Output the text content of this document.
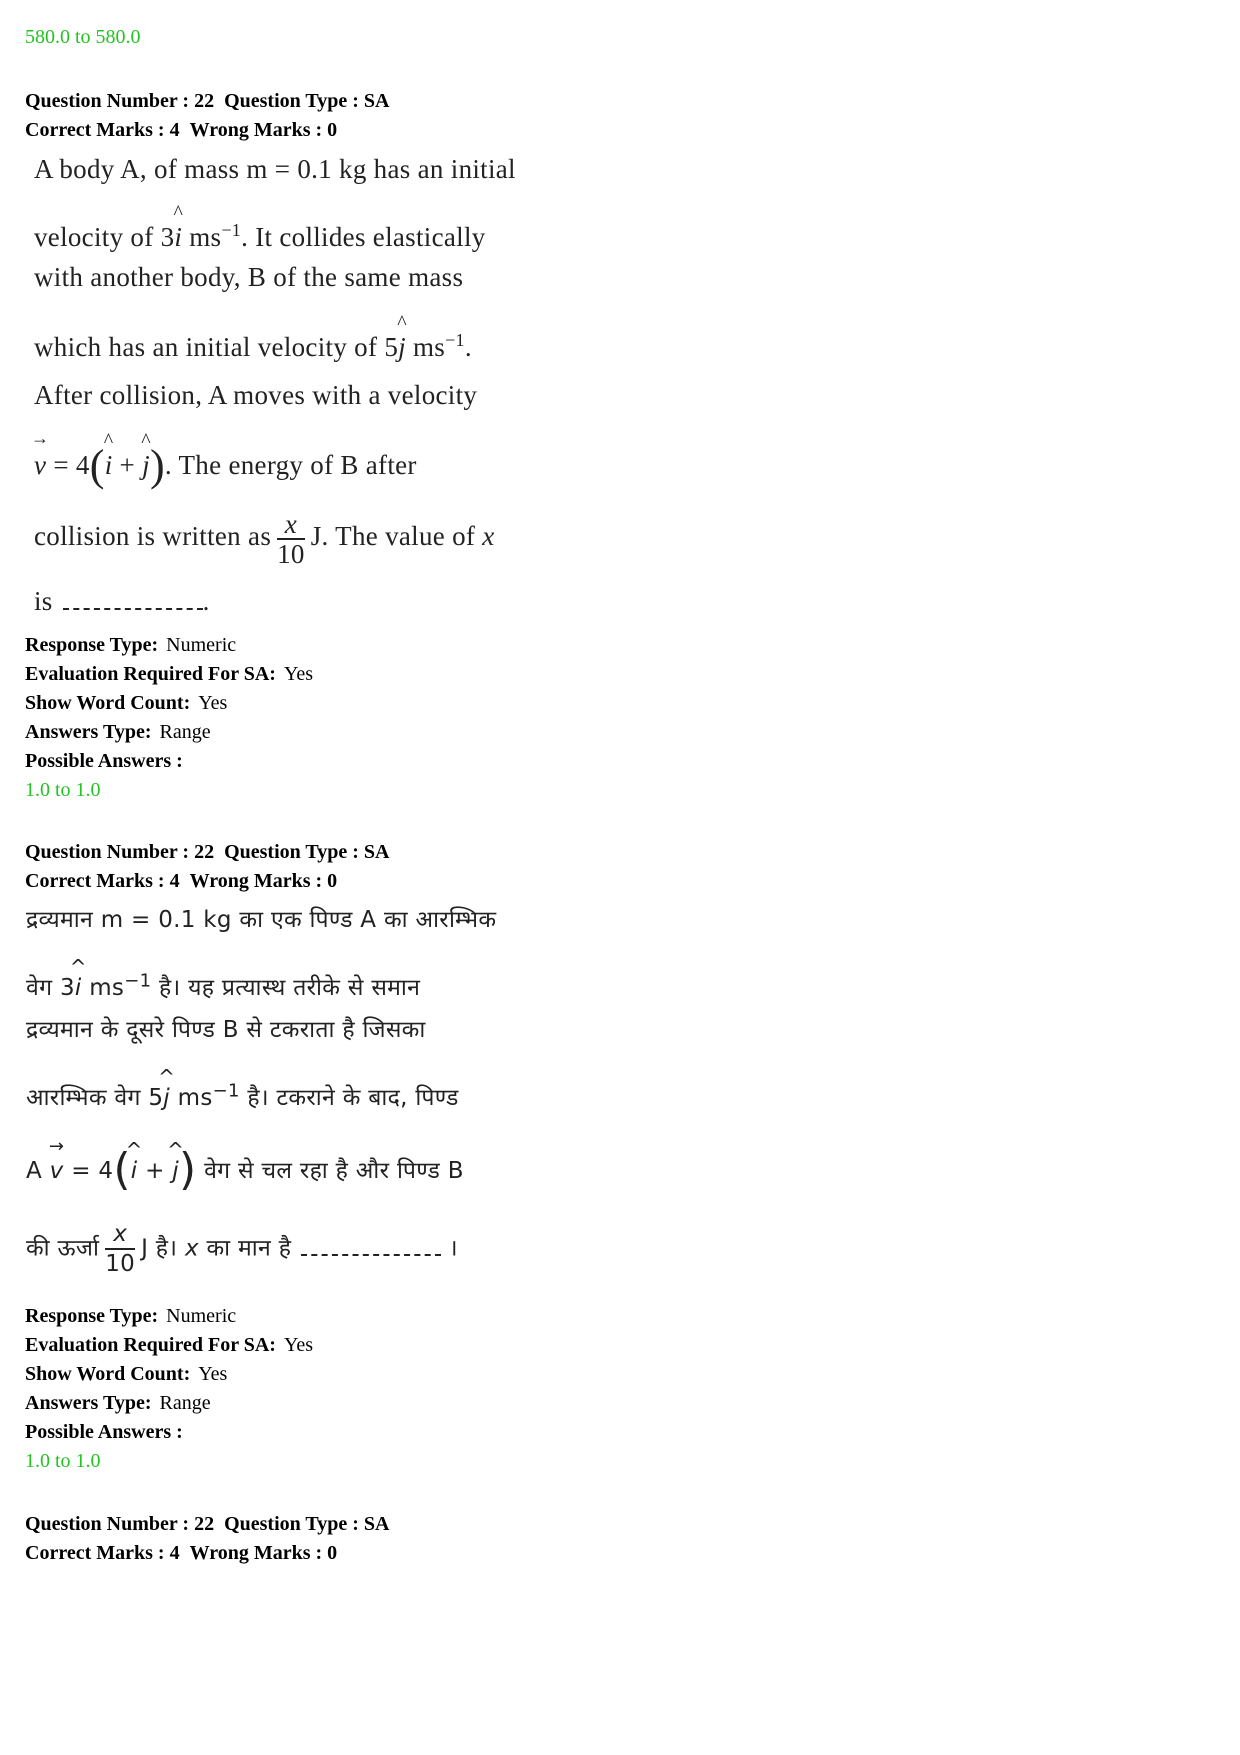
580.0 to 580.0
Question Number : 22 Question Type : SA
Correct Marks : 4 Wrong Marks : 0
A body A, of mass m = 0.1 kg has an initial
velocity of 3^ i $ms^{-1}$. It collides elastically
with another body, B of the same mass
which has an initial velocity of 5^ j $ms^{-1}$.
After collision, A moves with a velocity
→ v = 4(^ i + ^ j). The energy of B after
collision is written as $\frac{x}{10} J$. The value of x
is	.
Response Type: Numeric
Evaluation Required For SA: Yes
Show Word Count: Yes
Answers Type: Range
Possible Answers :
1.0 to 1.0
Question Number : 22 Question Type : SA
Correct Marks : 4 Wrong Marks : 0
द्रव्यमान m = 0.1 kg का एक पिण्ड A का आरम्भिक
वेग 3^ i $ms^{-1}$ है। यह प्रत्यास्थ तरीके से समान
द्रव्यमान के दूसरे पिण्ड B से टकराता है जिसका
आरम्भिक वेग 5^ j $ms^{-1}$ है। टकराने के बाद, पिण्ड
A → v = 4(^ i + ^ j) वेग से चल रहा है और पिण्ड B
की ऊर्जा $\frac{x}{10}$ J है। x का मान है	।
Response Type: Numeric
Evaluation Required For SA: Yes
Show Word Count: Yes
Answers Type: Range
Possible Answers :
1.0 to 1.0
Question Number : 22 Question Type : SA
Correct Marks : 4 Wrong Marks : 0
